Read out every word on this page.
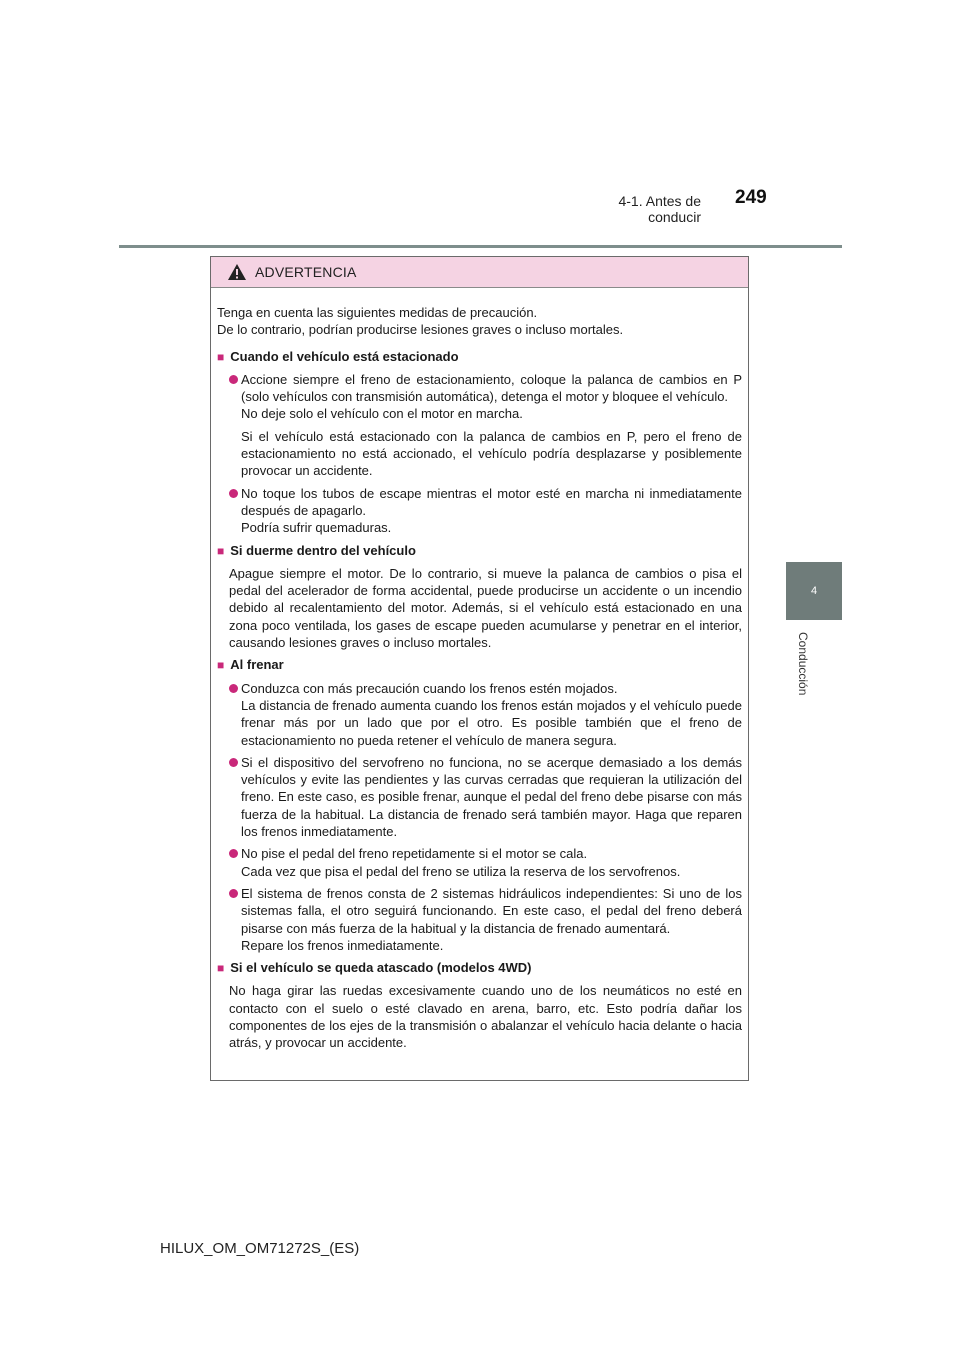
4-1. Antes de conducir
249
4
Conducción
ADVERTENCIA

Tenga en cuenta las siguientes medidas de precaución.

De lo contrario, podrían producirse lesiones graves o incluso mortales.

■ Cuando el vehículo está estacionado

Accione siempre el freno de estacionamiento, coloque la palanca de cambios en P (solo vehículos con transmisión automática), detenga el motor y bloquee el vehículo.

No deje solo el vehículo con el motor en marcha.

Si el vehículo está estacionado con la palanca de cambios en P, pero el freno de estacionamiento no está accionado, el vehículo podría desplazarse y posiblemente provocar un accidente.

No toque los tubos de escape mientras el motor esté en marcha ni inmediatamente después de apagarlo.

Podría sufrir quemaduras.

■ Si duerme dentro del vehículo

Apague siempre el motor. De lo contrario, si mueve la palanca de cambios o pisa el pedal del acelerador de forma accidental, puede producirse un accidente o un incendio debido al recalentamiento del motor. Además, si el vehículo está estacionado en una zona poco ventilada, los gases de escape pueden acumularse y penetrar en el interior, causando lesiones graves o incluso mortales.

■ Al frenar

Conduzca con más precaución cuando los frenos estén mojados.

La distancia de frenado aumenta cuando los frenos están mojados y el vehículo puede frenar más por un lado que por el otro. Es posible también que el freno de estacionamiento no pueda retener el vehículo de manera segura.

Si el dispositivo del servofreno no funciona, no se acerque demasiado a los demás vehículos y evite las pendientes y las curvas cerradas que requieran la utilización del freno. En este caso, es posible frenar, aunque el pedal del freno debe pisarse con más fuerza de la habitual. La distancia de frenado será también mayor. Haga que reparen los frenos inmediatamente.

No pise el pedal del freno repetidamente si el motor se cala.

Cada vez que pisa el pedal del freno se utiliza la reserva de los servofrenos.

El sistema de frenos consta de 2 sistemas hidráulicos independientes: Si uno de los sistemas falla, el otro seguirá funcionando. En este caso, el pedal del freno deberá pisarse con más fuerza de la habitual y la distancia de frenado aumentará.

Repare los frenos inmediatamente.

■ Si el vehículo se queda atascado (modelos 4WD)

No haga girar las ruedas excesivamente cuando uno de los neumáticos no esté en contacto con el suelo o esté clavado en arena, barro, etc. Esto podría dañar los componentes de los ejes de la transmisión o abalanzar el vehículo hacia delante o hacia atrás, y provocar un accidente.

HILUX_OM_OM71272S_(ES)
